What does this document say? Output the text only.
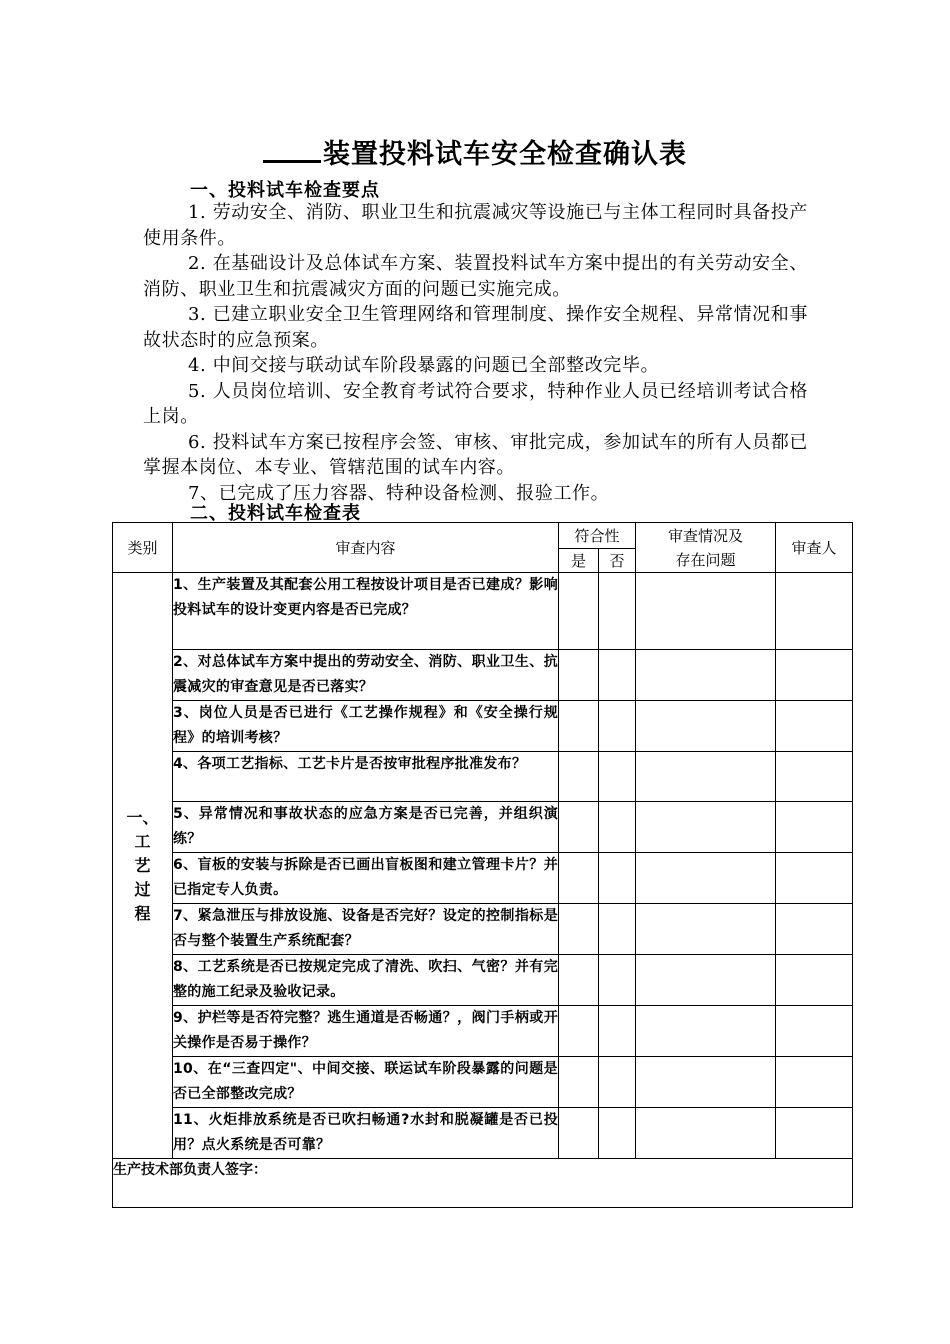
装置投料试车安全检查确认表
一、投料试车检查要点

1. 劳动安全、消防、职业卫生和抗震减灾等设施已与主体工程同时具备投产使用条件。

2. 在基础设计及总体试车方案、装置投料试车方案中提出的有关劳动安全、消防、职业卫生和抗震减灾方面的问题已实施完成。

3. 已建立职业安全卫生管理网络和管理制度、操作安全规程、异常情况和事故状态时的应急预案。

4. 中间交接与联动试车阶段暴露的问题已全部整改完毕。

5. 人员岗位培训、安全教育考试符合要求，特种作业人员已经培训考试合格上岗。

6. 投料试车方案已按程序会签、审核、审批完成，参加试车的所有人员都已掌握本岗位、本专业、管辖范围的试车内容。

7、已完成了压力容器、特种设备检测、报验工作。

二、投料试车检查表
类别	审查内容	符合性		审查情况及存在问题	审查人
		是	否		
一、
工
艺
过
程	1、生产装置及其配套公用工程按设计项目是否已建成？影响投料试车的设计变更内容是否已完成？				
	2、对总体试车方案中提出的劳动安全、消防、职业卫生、抗震减灾的审查意见是否已落实？				
	3、岗位人员是否已进行《工艺操作规程》和《安全操行规程》的培训考核？				
	4、各项工艺指标、工艺卡片是否按审批程序批准发布？				
	5、异常情况和事故状态的应急方案是否已完善，并组织演练？				
	6、盲板的安装与拆除是否已画出盲板图和建立管理卡片？并已指定专人负责。				
	7、紧急泄压与排放设施、设备是否完好？设定的控制指标是否与整个装置生产系统配套？				
	8、工艺系统是否已按规定完成了清洗、吹扫、气密？并有完整的施工纪录及验收记录。				
	9、护栏等是否符完整？逃生通道是否畅通？，阀门手柄或开关操作是否易于操作？				
	10、在“三查四定"、中间交接、联运试车阶段暴露的问题是否已全部整改完成？				
	11、火炬排放系统是否已吹扫畅通?水封和脱凝罐是否已投用？点火系统是否可靠？				
生产技术部负责人签字：					
